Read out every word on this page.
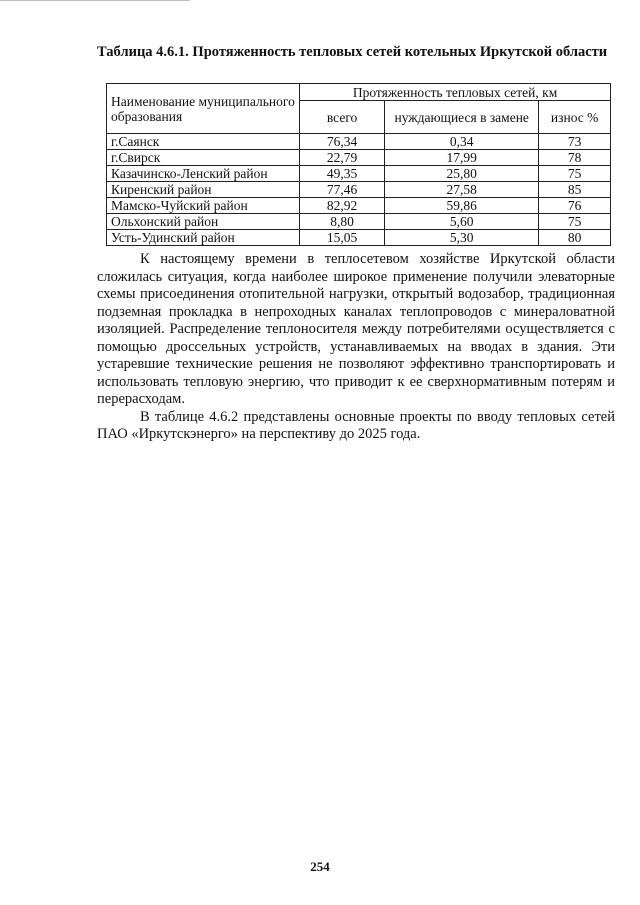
Таблица 4.6.1. Протяженность тепловых сетей котельных Иркутской области
Наименование муниципального образования	Протяженность тепловых сетей, км		
	всего	нуждающиеся в замене	износ %
г.Саянск	76,34	0,34	73
г.Свирск	22,79	17,99	78
Казачинско-Ленский район	49,35	25,80	75
Киренский район	77,46	27,58	85
Мамско-Чуйский район	82,92	59,86	76
Ольхонский район	8,80	5,60	75
Усть-Удинский район	15,05	5,30	80

К настоящему времени в теплосетевом хозяйстве Иркутской области сложилась ситуация, когда наиболее широкое применение получили элеваторные схемы присоединения отопительной нагрузки, открытый водозабор, традиционная подземная прокладка в непроходных каналах теплопроводов с минераловатной изоляцией. Распределение теплоносителя между потребителями осуществляется с помощью дроссельных устройств, устанавливаемых на вводах в здания. Эти устаревшие технические решения не позволяют эффективно транспортировать и использовать тепловую энергию, что приводит к ее сверхнормативным потерям и перерасходам.

В таблице 4.6.2 представлены основные проекты по вводу тепловых сетей ПАО «Иркутскэнерго» на перспективу до 2025 года.

254
